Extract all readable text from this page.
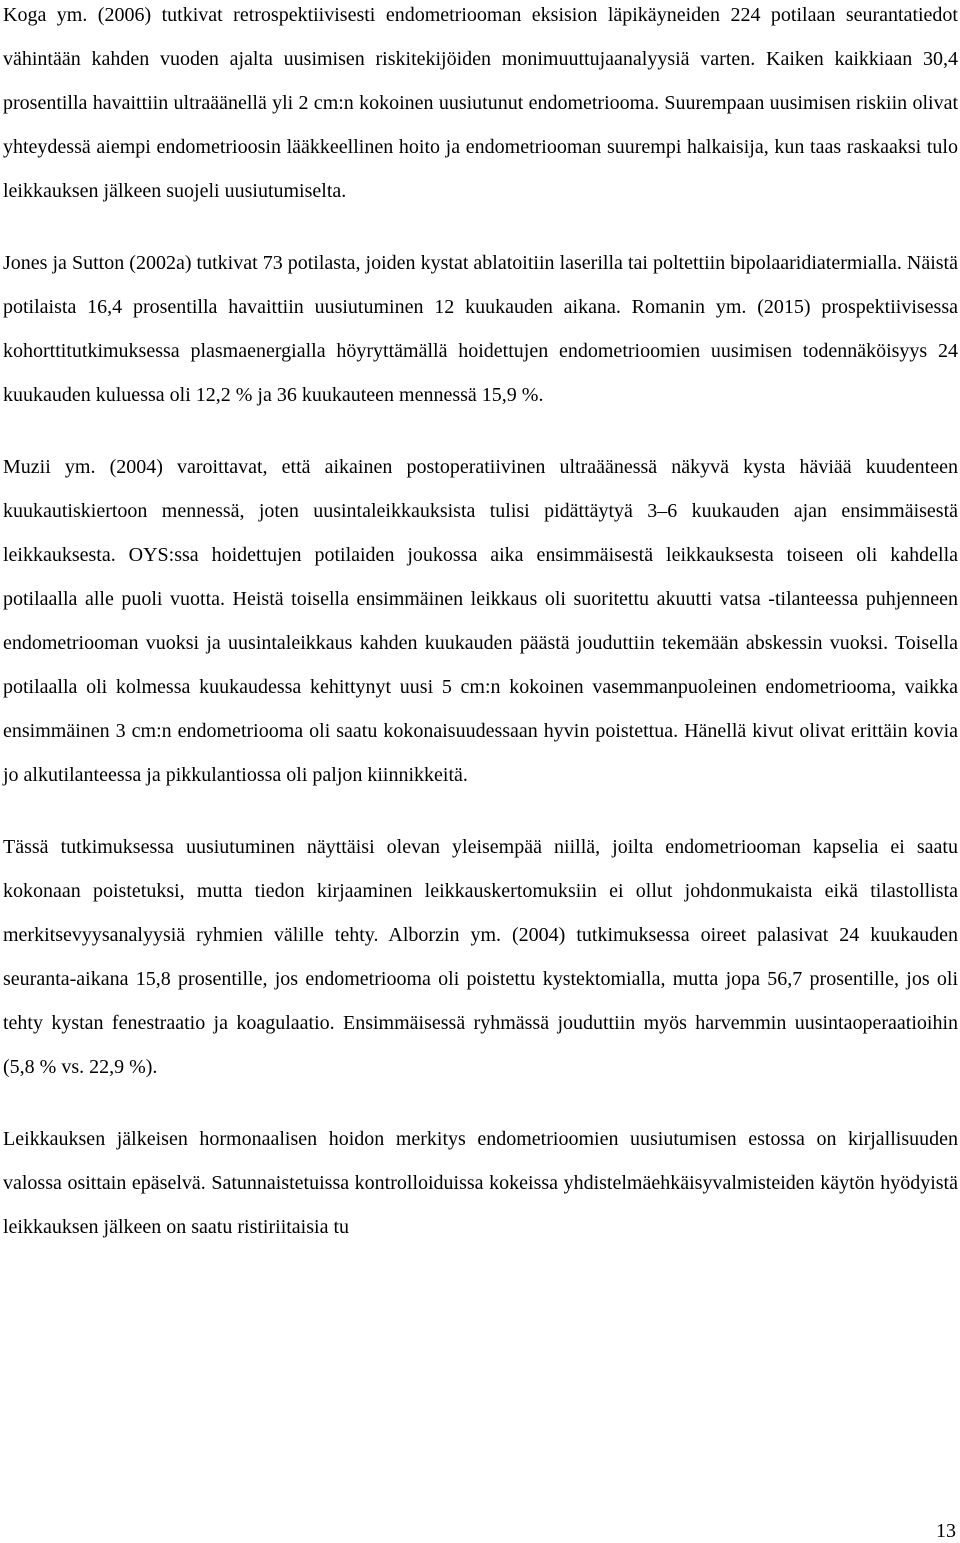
Koga ym. (2006) tutkivat retrospektiivisesti endometriooman eksision läpikäyneiden 224 potilaan seurantatiedot vähintään kahden vuoden ajalta uusimisen riskitekijöiden monimuuttujaanalyysiä varten. Kaiken kaikkiaan 30,4 prosentilla havaittiin ultraäänellä yli 2 cm:n kokoinen uusiutunut endometriooma. Suurempaan uusimisen riskiin olivat yhteydessä aiempi endometrioosin lääkkeellinen hoito ja endometriooman suurempi halkaisija, kun taas raskaaksi tulo leikkauksen jälkeen suojeli uusiutumiselta.

Jones ja Sutton (2002a) tutkivat 73 potilasta, joiden kystat ablatoitiin laserilla tai poltettiin bipolaaridiatermialla. Näistä potilaista 16,4 prosentilla havaittiin uusiutuminen 12 kuukauden aikana. Romanin ym. (2015) prospektiivisessa kohorttitutkimuksessa plasmaenergialla höyryttämällä hoidettujen endometrioomien uusimisen todennäköisyys 24 kuukauden kuluessa oli 12,2 % ja 36 kuukauteen mennessä 15,9 %.

Muzii ym. (2004) varoittavat, että aikainen postoperatiivinen ultraäänessä näkyvä kysta häviää kuudenteen kuukautiskiertoon mennessä, joten uusintaleikkauksista tulisi pidättäytyä 3–6 kuukauden ajan ensimmäisestä leikkauksesta. OYS:ssa hoidettujen potilaiden joukossa aika ensimmäisestä leikkauksesta toiseen oli kahdella potilaalla alle puoli vuotta. Heistä toisella ensimmäinen leikkaus oli suoritettu akuutti vatsa -tilanteessa puhjenneen endometriooman vuoksi ja uusintaleikkaus kahden kuukauden päästä jouduttiin tekemään abskessin vuoksi. Toisella potilaalla oli kolmessa kuukaudessa kehittynyt uusi 5 cm:n kokoinen vasemmanpuoleinen endometriooma, vaikka ensimmäinen 3 cm:n endometriooma oli saatu kokonaisuudessaan hyvin poistettua. Hänellä kivut olivat erittäin kovia jo alkutilanteessa ja pikkulantiossa oli paljon kiinnikkeitä.

Tässä tutkimuksessa uusiutuminen näyttäisi olevan yleisempää niillä, joilta endometriooman kapselia ei saatu kokonaan poistetuksi, mutta tiedon kirjaaminen leikkauskertomuksiin ei ollut johdonmukaista eikä tilastollista merkitsevyysanalyysiä ryhmien välille tehty. Alborzin ym. (2004) tutkimuksessa oireet palasivat 24 kuukauden seuranta-aikana 15,8 prosentille, jos endometriooma oli poistettu kystektomialla, mutta jopa 56,7 prosentille, jos oli tehty kystan fenestraatio ja koagulaatio. Ensimmäisessä ryhmässä jouduttiin myös harvemmin uusintaoperaatioihin (5,8 % vs. 22,9 %).

Leikkauksen jälkeisen hormonaalisen hoidon merkitys endometrioomien uusiutumisen estossa on kirjallisuuden valossa osittain epäselvä. Satunnaistetuissa kontrolloiduissa kokeissa yhdistelmäehkäisyvalmisteiden käytön hyödyistä leikkauksen jälkeen on saatu ristiriitaisia tu

13
